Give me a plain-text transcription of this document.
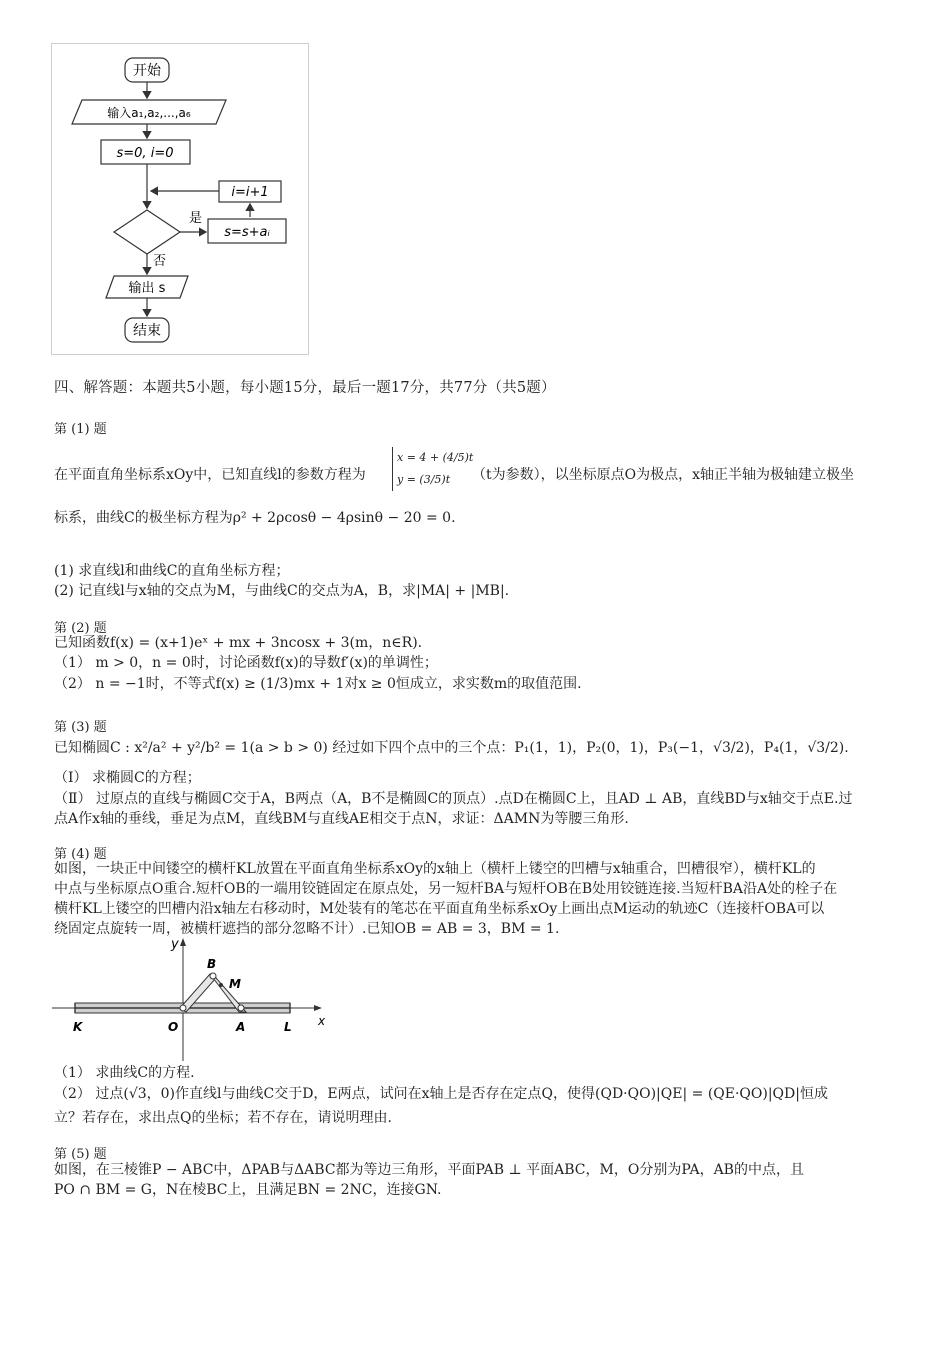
开始
输入a₁,a₂,...,a₆
s=0, i=0
i=i+1
是
s=s+aᵢ
否
输出 s
结束
四、解答题：本题共5小题，每小题15分，最后一题17分，共77分（共5题）
第 (1) 题
在平面直角坐标系xOy中，已知直线l的参数方程为
x = 4 + (4/5)t
y = (3/5)t	（t为参数），以坐标原点O为极点，x轴正半轴为极轴建立极坐
标系，曲线C的极坐标方程为ρ² + 2ρcosθ − 4ρsinθ − 20 = 0.
(1) 求直线l和曲线C的直角坐标方程；
(2) 记直线l与x轴的交点为M，与曲线C的交点为A，B，求|MA| + |MB|.
第 (2) 题
已知函数f(x) = (x+1)eˣ + mx + 3ncosx + 3(m，n∈R).
（1） m > 0，n = 0时，讨论函数f(x)的导数f′(x)的单调性；
（2） n = −1时，不等式f(x) ≥ (1/3)mx + 1对x ≥ 0恒成立，求实数m的取值范围.
第 (3) 题
已知椭圆C : x²/a² + y²/b² = 1(a > b > 0) 经过如下四个点中的三个点：P₁(1，1)，P₂(0，1)，P₃(−1，√3/2)，P₄(1，√3/2).
（Ⅰ） 求椭圆C的方程；
（Ⅱ） 过原点的直线与椭圆C交于A，B两点（A，B不是椭圆C的顶点）.点D在椭圆C上，且AD ⊥ AB，直线BD与x轴交于点E.过
点A作x轴的垂线，垂足为点M，直线BM与直线AE相交于点N，求证：ΔAMN为等腰三角形.
第 (4) 题
如图，一块正中间镂空的横杆KL放置在平面直角坐标系xOy的x轴上（横杆上镂空的凹槽与x轴重合，凹槽很窄），横杆KL的
中点与坐标原点O重合.短杆OB的一端用铰链固定在原点处，另一短杆BA与短杆OB在B处用铰链连接.当短杆BA沿A处的栓子在
横杆KL上镂空的凹槽内沿x轴左右移动时，M处装有的笔芯在平面直角坐标系xOy上画出点M运动的轨迹C（连接杆OBA可以
绕固定点旋转一周，被横杆遮挡的部分忽略不计）.已知OB = AB = 3，BM = 1.
y
x
K	O	A	L
B
M
（1） 求曲线C的方程.
（2） 过点(√3，0)作直线l与曲线C交于D，E两点，试问在x轴上是否存在定点Q，使得(QD·QO)|QE| = (QE·QO)|QD|恒成
立？若存在，求出点Q的坐标；若不存在，请说明理由.
第 (5) 题
如图，在三棱锥P − ABC中，ΔPAB与ΔABC都为等边三角形，平面PAB ⊥ 平面ABC，M，O分别为PA，AB的中点，且
PO ∩ BM = G，N在棱BC上，且满足BN = 2NC，连接GN.
